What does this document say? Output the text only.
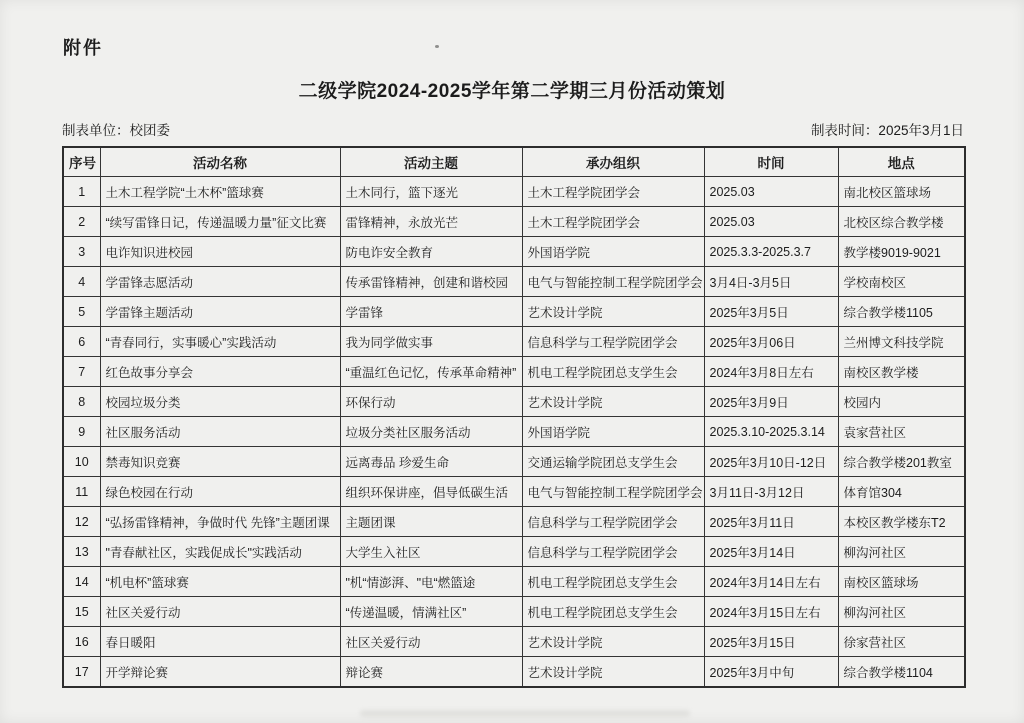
附件
二级学院2024-2025学年第二学期三月份活动策划
制表单位：校团委	制表时间：2025年3月1日
序号	活动名称	活动主题	承办组织	时间	地点
1	土木工程学院“土木杯”篮球赛	土木同行，篮下逐光	土木工程学院团学会	2025.03	南北校区篮球场
2	“续写雷锋日记，传递温暖力量”征文比赛	雷锋精神，永放光芒	土木工程学院团学会	2025.03	北校区综合教学楼
3	电诈知识进校园	防电诈安全教育	外国语学院	2025.3.3-2025.3.7	教学楼9019-9021
4	学雷锋志愿活动	传承雷锋精神，创建和谐校园	电气与智能控制工程学院团学会	3月4日-3月5日	学校南校区
5	学雷锋主题活动	学雷锋	艺术设计学院	2025年3月5日	综合教学楼1105
6	“青春同行，实事暖心”实践活动	我为同学做实事	信息科学与工程学院团学会	2025年3月06日	兰州博文科技学院
7	红色故事分享会	“重温红色记忆，传承革命精神”	机电工程学院团总支学生会	2024年3月8日左右	南校区教学楼
8	校园垃圾分类	环保行动	艺术设计学院	2025年3月9日	校园内
9	社区服务活动	垃圾分类社区服务活动	外国语学院	2025.3.10-2025.3.14	袁家营社区
10	禁毒知识竞赛	远离毒品 珍爱生命	交通运输学院团总支学生会	2025年3月10日-12日	综合教学楼201教室
11	绿色校园在行动	组织环保讲座，倡导低碳生活	电气与智能控制工程学院团学会	3月11日-3月12日	体育馆304
12	“弘扬雷锋精神，争做时代 先锋”主题团课	主题团课	信息科学与工程学院团学会	2025年3月11日	本校区教学楼东T2
13	"青春献社区，实践促成长"实践活动	大学生入社区	信息科学与工程学院团学会	2025年3月14日	柳沟河社区
14	“机电杯”篮球赛	"机“情澎湃、"电“燃篮途	机电工程学院团总支学生会	2024年3月14日左右	南校区篮球场
15	社区关爱行动	“传递温暖，情满社区”	机电工程学院团总支学生会	2024年3月15日左右	柳沟河社区
16	春日暖阳	社区关爱行动	艺术设计学院	2025年3月15日	徐家营社区
17	开学辩论赛	辩论赛	艺术设计学院	2025年3月中旬	综合教学楼1104
